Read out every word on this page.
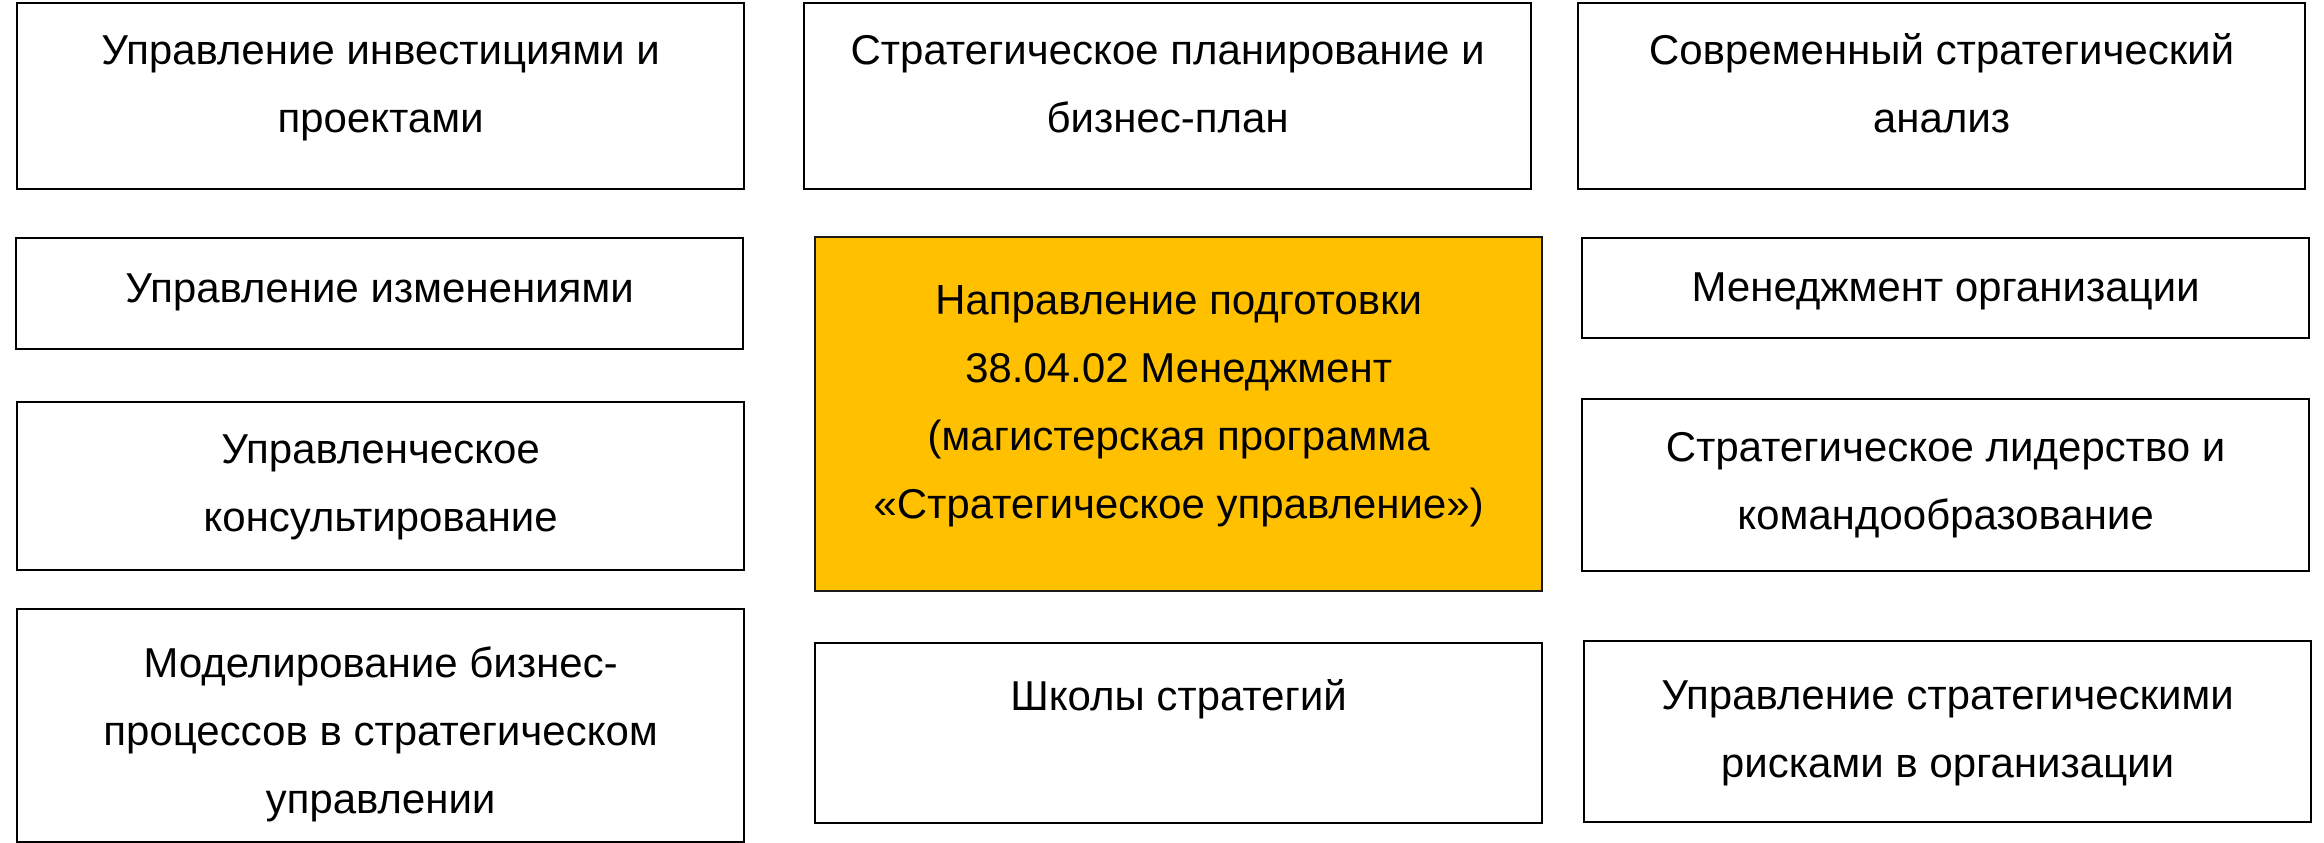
Управление инвестициями и
проектами
Стратегическое планирование и
бизнес-план
Современный стратегический
анализ
Управление изменениями
Управленческое
консультирование
Моделирование бизнес-
процессов в стратегическом
управлении
Направление подготовки
38.04.02 Менеджмент
(магистерская программа
«Стратегическое управление»)
Школы стратегий
Менеджмент организации
Стратегическое лидерство и
командообразование
Управление стратегическими
рисками в организации
